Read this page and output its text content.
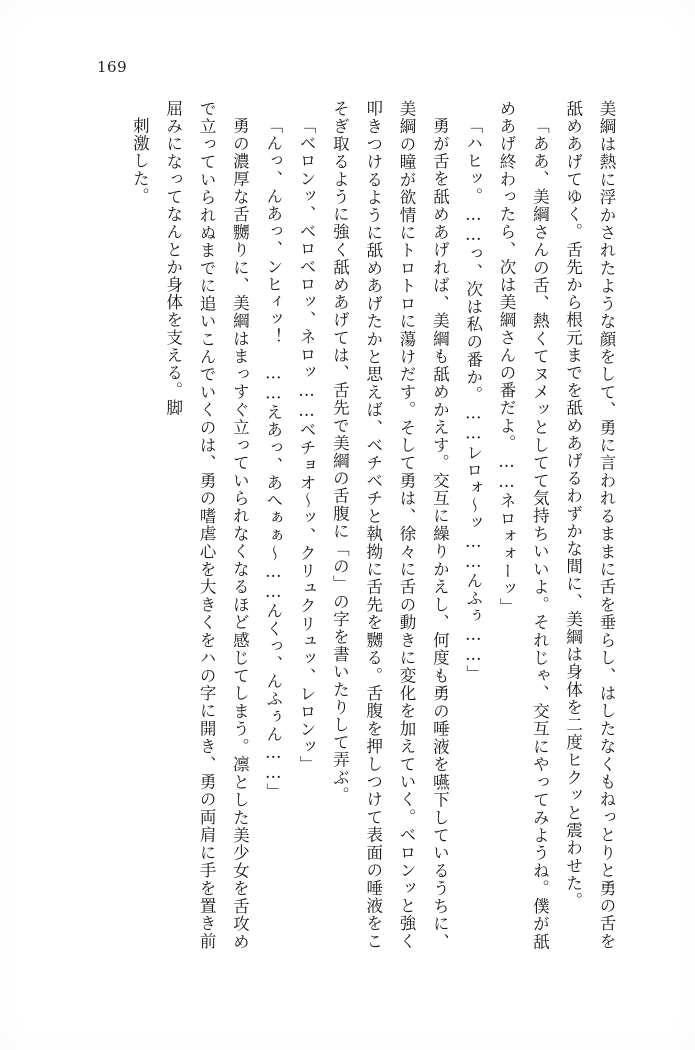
169

美綱は熱に浮かされたような顔をして、勇に言われるままに舌を垂らし、はしたなくもねっとりと勇の舌を舐めあげてゆく。舌先から根元までを舐めあげるわずかな間に、美綱は身体を二度ヒクッと震わせた。

「ああ、美綱さんの舌、熱くてヌメッとしてて気持ちいいよ。それじゃ、交互にやってみようね。僕が舐めあげ終わったら、次は美綱さんの番だよ。……ネロォォーッ」

「ハヒッ。……っ、次は私の番か。……レロォ～ッ……んふぅ……」

勇が舌を舐めあげれば、美綱も舐めかえす。交互に繰りかえし、何度も勇の唾液を嚥下しているうちに、美綱の瞳が欲情にトロトロに蕩けだす。そして勇は、徐々に舌の動きに変化を加えていく。ベロンッと強く叩きつけるように舐めあげたかと思えば、ベチベチと執拗に舌先を嬲る。舌腹を押しつけて表面の唾液をこそぎ取るように強く舐めあげては、舌先で美綱の舌腹に「の」の字を書いたりして弄ぶ。

「ベロンッ、ベロベロッ、ネロッ……ベチョオ～ッ、クリュクリュッ、レロンッ」

「んっ、んあっ、ンヒィッ！　……えあっ、あへぁぁ～……んくっ、んふぅん……」

勇の濃厚な舌嬲りに、美綱はまっすぐ立っていられなくなるほど感じてしまう。凛とした美少女を舌攻めで立っていられぬまでに追いこんでいくのは、勇の嗜虐心を大きくをハの字に開き、勇の両肩に手を置き前屈みになってなんとか身体を支える。脚

刺激した。
